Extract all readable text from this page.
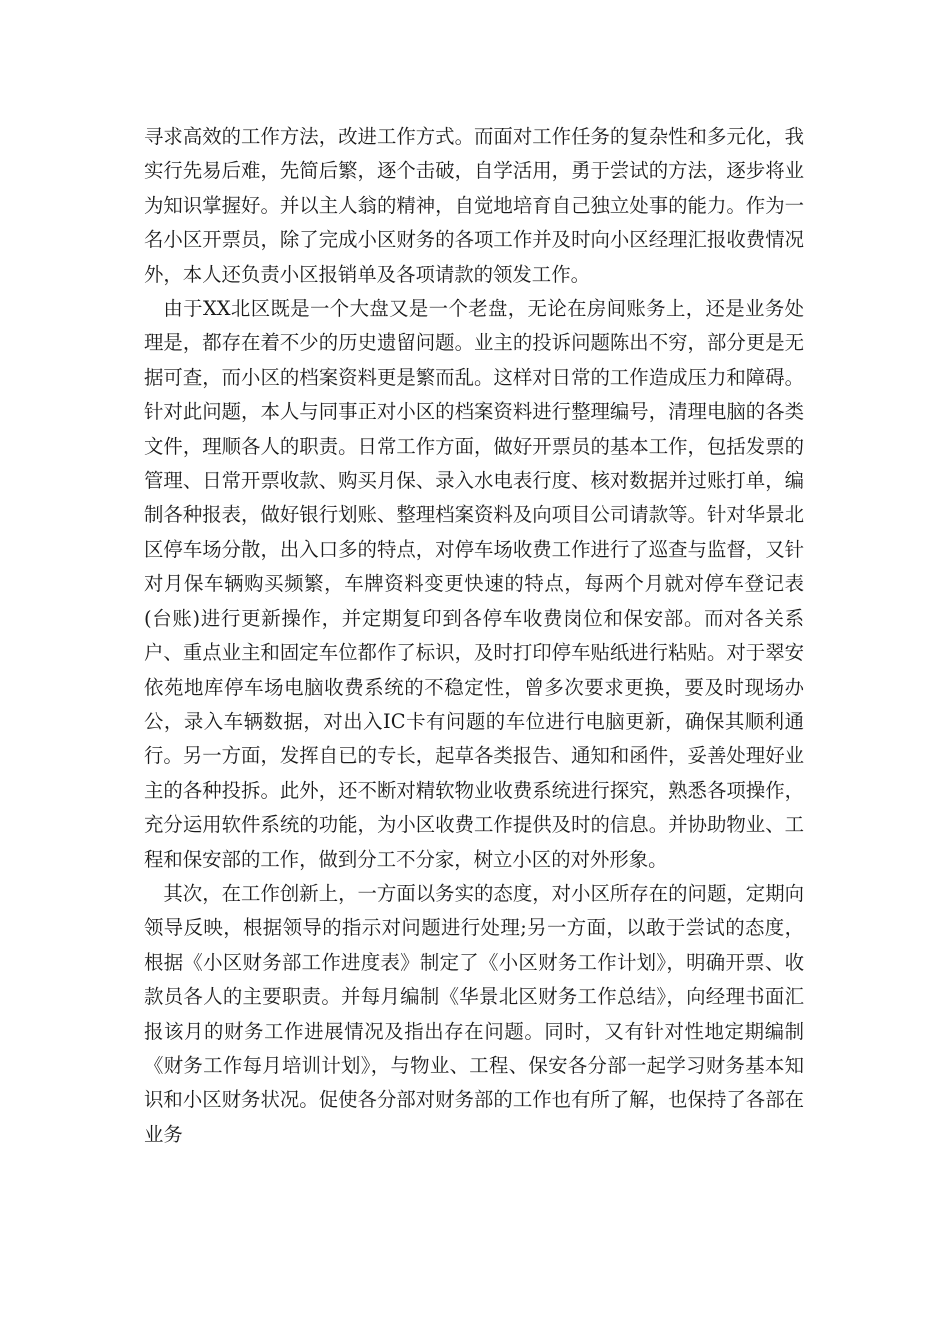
寻求高效的工作方法，改进工作方式。而面对工作任务的复杂性和多元化，我实行先易后难，先简后繁，逐个击破，自学活用，勇于尝试的方法，逐步将业为知识掌握好。并以主人翁的精神，自觉地培育自己独立处事的能力。作为一名小区开票员，除了完成小区财务的各项工作并及时向小区经理汇报收费情况外，本人还负责小区报销单及各项请款的领发工作。

由于XX北区既是一个大盘又是一个老盘，无论在房间账务上，还是业务处理是，都存在着不少的历史遗留问题。业主的投诉问题陈出不穷，部分更是无据可查，而小区的档案资料更是繁而乱。这样对日常的工作造成压力和障碍。针对此问题，本人与同事正对小区的档案资料进行整理编号，清理电脑的各类文件，理顺各人的职责。日常工作方面，做好开票员的基本工作，包括发票的管理、日常开票收款、购买月保、录入水电表行度、核对数据并过账打单，编制各种报表，做好银行划账、整理档案资料及向项目公司请款等。针对华景北区停车场分散，出入口多的特点，对停车场收费工作进行了巡查与监督，又针对月保车辆购买频繁，车牌资料变更快速的特点，每两个月就对停车登记表(台账)进行更新操作，并定期复印到各停车收费岗位和保安部。而对各关系户、重点业主和固定车位都作了标识，及时打印停车贴纸进行粘贴。对于翠安依苑地库停车场电脑收费系统的不稳定性，曾多次要求更换，要及时现场办公，录入车辆数据，对出入IC卡有问题的车位进行电脑更新，确保其顺利通行。另一方面，发挥自已的专长，起草各类报告、通知和函件，妥善处理好业主的各种投拆。此外，还不断对精软物业收费系统进行探究，熟悉各项操作，充分运用软件系统的功能，为小区收费工作提供及时的信息。并协助物业、工程和保安部的工作，做到分工不分家，树立小区的对外形象。

其次，在工作创新上，一方面以务实的态度，对小区所存在的问题，定期向领导反映，根据领导的指示对问题进行处理;另一方面，以敢于尝试的态度，根据《小区财务部工作进度表》制定了《小区财务工作计划》，明确开票、收款员各人的主要职责。并每月编制《华景北区财务工作总结》，向经理书面汇报该月的财务工作进展情况及指出存在问题。同时，又有针对性地定期编制《财务工作每月培训计划》，与物业、工程、保安各分部一起学习财务基本知识和小区财务状况。促使各分部对财务部的工作也有所了解，也保持了各部在业务
